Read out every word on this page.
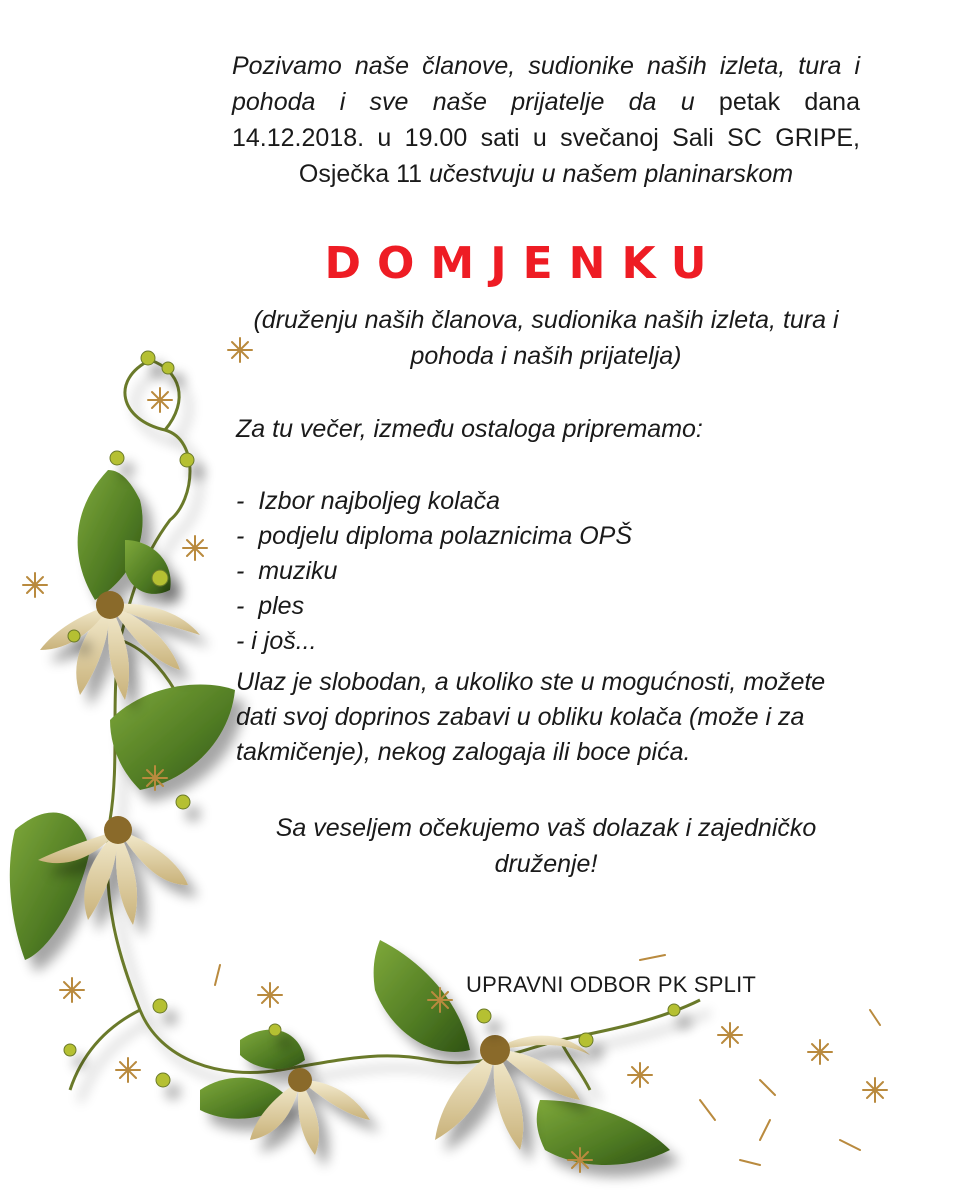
Pozivamo naše članove, sudionike naših izleta, tura i
pohoda i sve naše prijatelje da u petak dana
14.12.2018. u 19.00 sati u svečanoj Sali SC GRIPE,
Osječka 11 učestvuju u našem planinarskom

DOMJENKU

(druženju naših članova, sudionika naših izleta, tura i pohoda i naših prijatelja)

Za tu večer, između ostaloga pripremamo:

-  Izbor najboljeg kolača
-  podjelu diploma polaznicima OPŠ
-  muziku
-  ples
- i još...

Ulaz je slobodan, a ukoliko ste u mogućnosti, možete dati svoj doprinos zabavi u obliku kolača (može i za takmičenje), nekog zalogaja ili boce pića.

Sa veseljem očekujemo vaš dolazak i zajedničko druženje!

UPRAVNI ODBOR PK SPLIT
